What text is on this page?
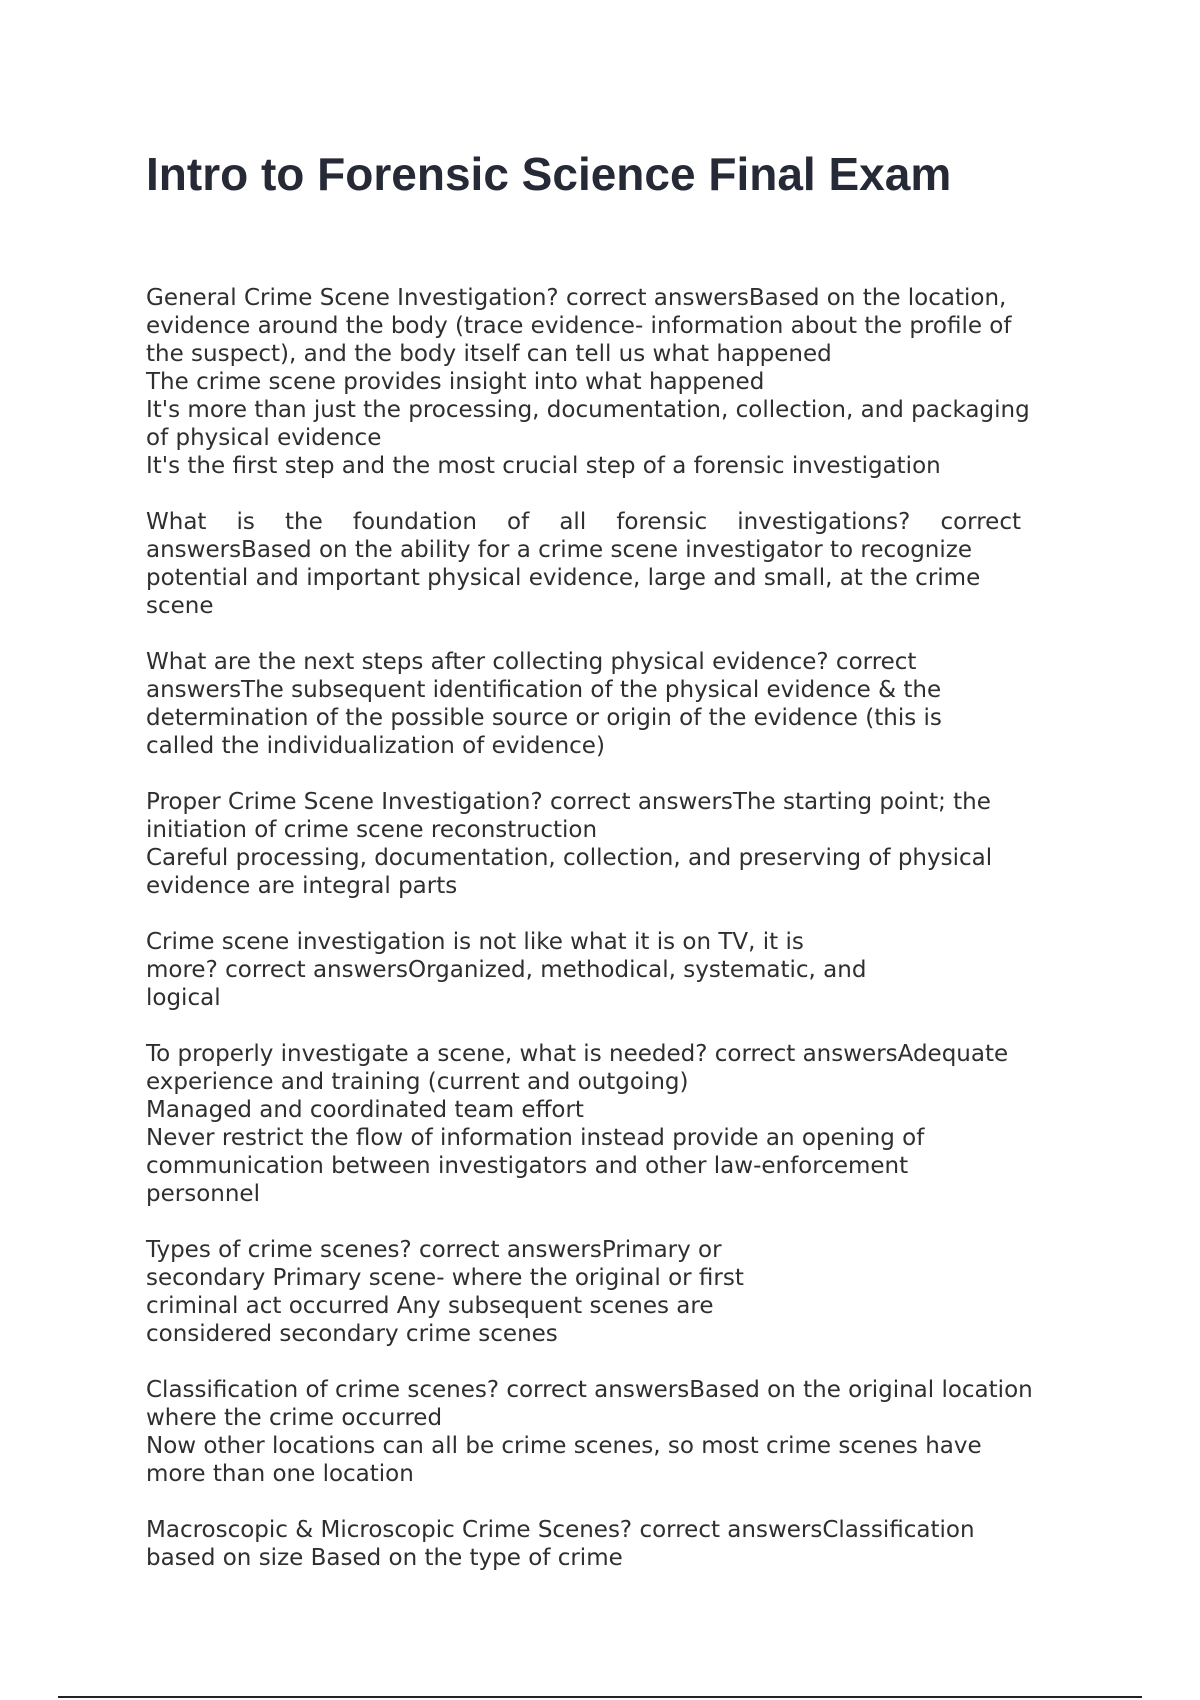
Intro to Forensic Science Final Exam
General Crime Scene Investigation? correct answersBased on the location,
evidence around the body (trace evidence- information about the profile of
the suspect), and the body itself can tell us what happened
The crime scene provides insight into what happened
It's more than just the processing, documentation, collection, and packaging
of physical evidence
It's the first step and the most crucial step of a forensic investigation
What is the foundation of all forensic investigations? correct
answersBased on the ability for a crime scene investigator to recognize
potential and important physical evidence, large and small, at the crime
scene
What are the next steps after collecting physical evidence? correct
answersThe subsequent identification of the physical evidence & the
determination of the possible source or origin of the evidence (this is
called the individualization of evidence)
Proper Crime Scene Investigation? correct answersThe starting point; the
initiation of crime scene reconstruction
Careful processing, documentation, collection, and preserving of physical
evidence are integral parts
Crime scene investigation is not like what it is on TV, it is
more? correct answersOrganized, methodical, systematic, and
logical
To properly investigate a scene, what is needed? correct answersAdequate
experience and training (current and outgoing)
Managed and coordinated team effort
Never restrict the flow of information instead provide an opening of
communication between investigators and other law-enforcement
personnel
Types of crime scenes? correct answersPrimary or
secondary Primary scene- where the original or first
criminal act occurred Any subsequent scenes are
considered secondary crime scenes
Classification of crime scenes? correct answersBased on the original location
where the crime occurred
Now other locations can all be crime scenes, so most crime scenes have
more than one location
Macroscopic & Microscopic Crime Scenes? correct answersClassification
based on size Based on the type of crime
